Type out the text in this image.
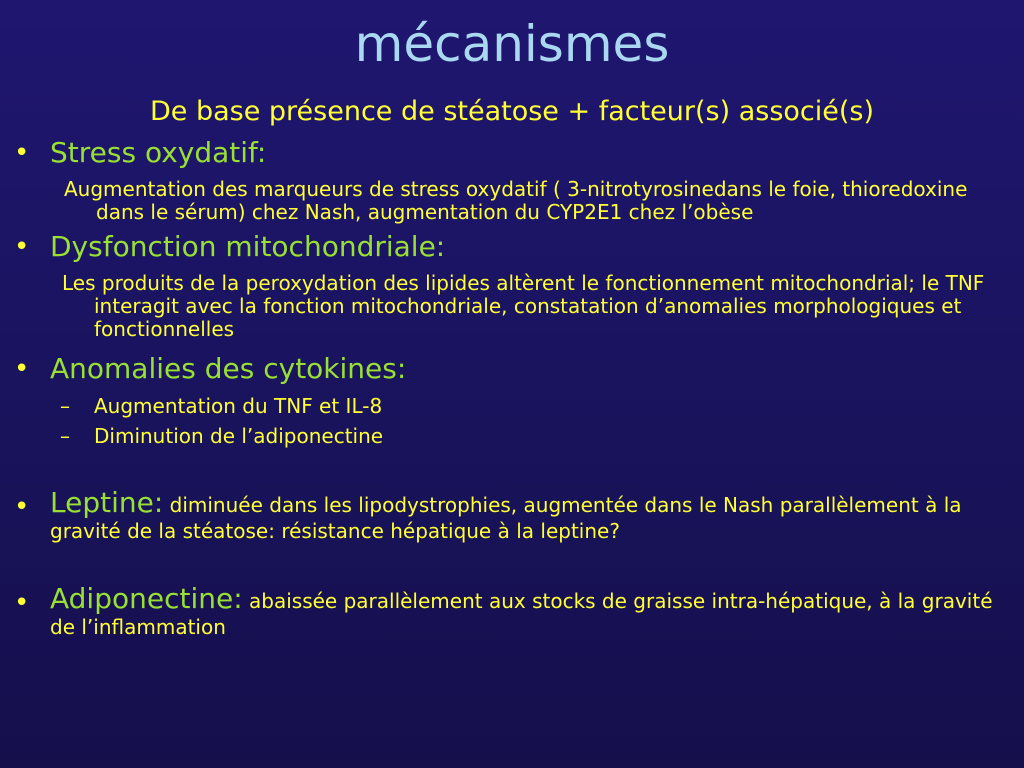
mécanismes
De base présence de stéatose + facteur(s) associé(s)
• Stress oxydatif:
Augmentation des marqueurs de stress oxydatif ( 3-nitrotyrosinedans le foie, thioredoxine dans le sérum) chez Nash, augmentation du CYP2E1 chez l’obèse
• Dysfonction mitochondriale:
Les produits de la peroxydation des lipides altèrent le fonctionnement mitochondrial; le TNF interagit avec la fonction mitochondriale, constatation d’anomalies morphologiques et fonctionnelles
• Anomalies des cytokines:
– Augmentation du TNF et IL-8
– Diminution de l’adiponectine
• Leptine: diminuée dans les lipodystrophies, augmentée dans le Nash parallèlement à la gravité de la stéatose: résistance hépatique à la leptine?
• Adiponectine: abaissée parallèlement aux stocks de graisse intra-hépatique, à la gravité de l’inflammation
